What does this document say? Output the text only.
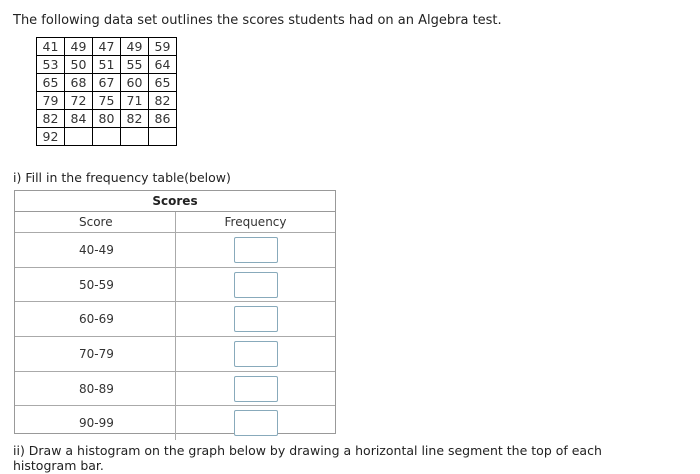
The following data set outlines the scores students had on an Algebra test.
41	49	47	49	59
53	50	51	55	64
65	68	67	60	65
79	72	75	71	82
82	84	80	82	86
92				
i) Fill in the frequency table(below)
Scores
Score	Frequency
40-49
50-59
60-69
70-79
80-89
90-99
ii) Draw a histogram on the graph below by drawing a horizontal line segment the top of each histogram bar.
